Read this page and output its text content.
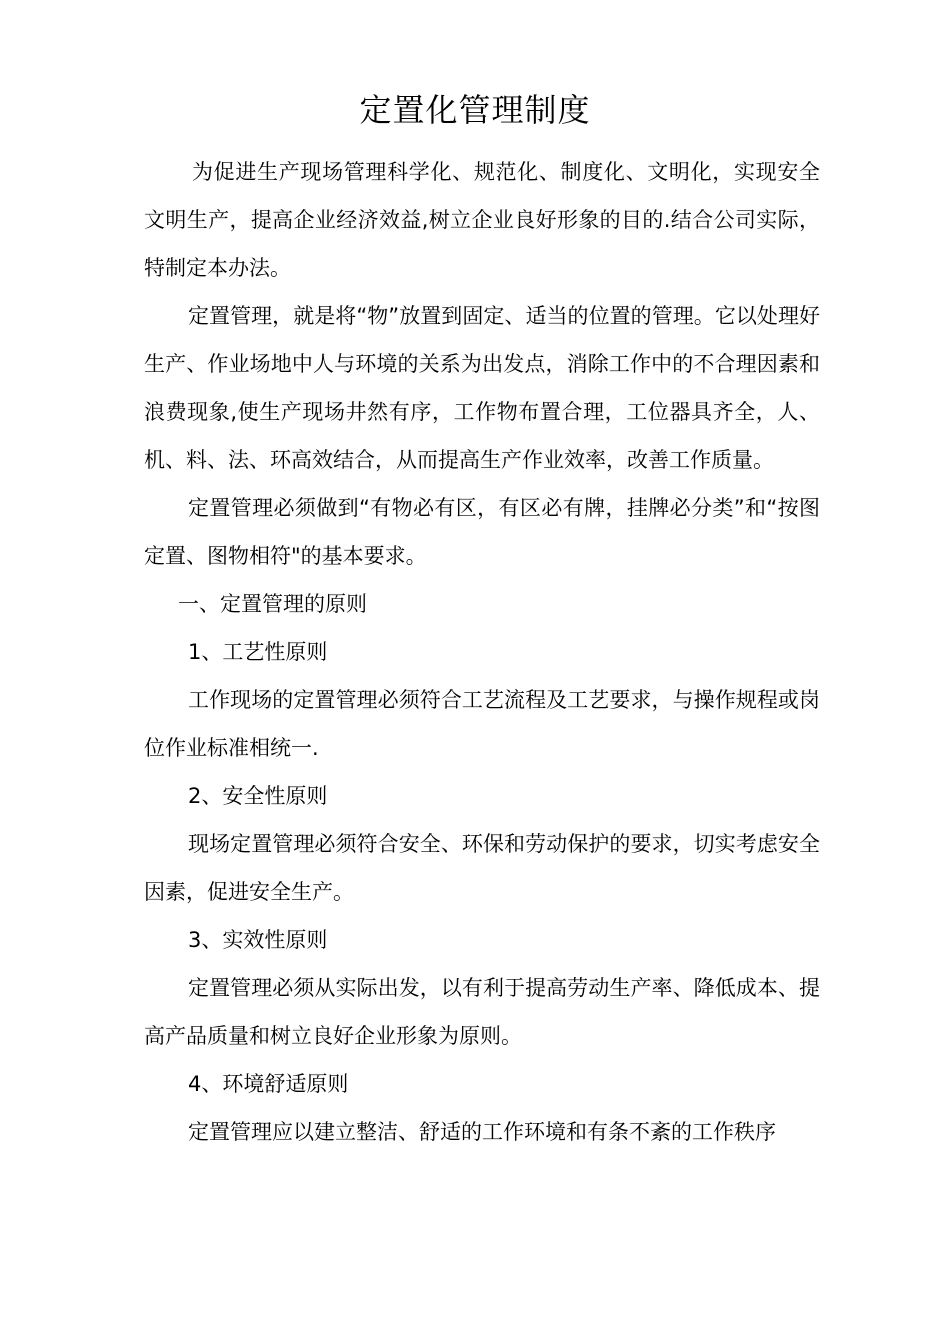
定置化管理制度

为促进生产现场管理科学化、规范化、制度化、文明化，实现安全文明生产，提高企业经济效益,树立企业良好形象的目的.结合公司实际，特制定本办法。

定置管理，就是将“物”放置到固定、适当的位置的管理。它以处理好生产、作业场地中人与环境的关系为出发点，消除工作中的不合理因素和浪费现象,使生产现场井然有序，工作物布置合理，工位器具齐全，人、机、料、法、环高效结合，从而提高生产作业效率，改善工作质量。

定置管理必须做到“有物必有区，有区必有牌，挂牌必分类”和“按图定置、图物相符"的基本要求。

一、定置管理的原则

1、工艺性原则

工作现场的定置管理必须符合工艺流程及工艺要求，与操作规程或岗位作业标准相统一.

2、安全性原则

现场定置管理必须符合安全、环保和劳动保护的要求，切实考虑安全因素，促进安全生产。

3、实效性原则

定置管理必须从实际出发，以有利于提高劳动生产率、降低成本、提高产品质量和树立良好企业形象为原则。

4、环境舒适原则

定置管理应以建立整洁、舒适的工作环境和有条不紊的工作秩序
